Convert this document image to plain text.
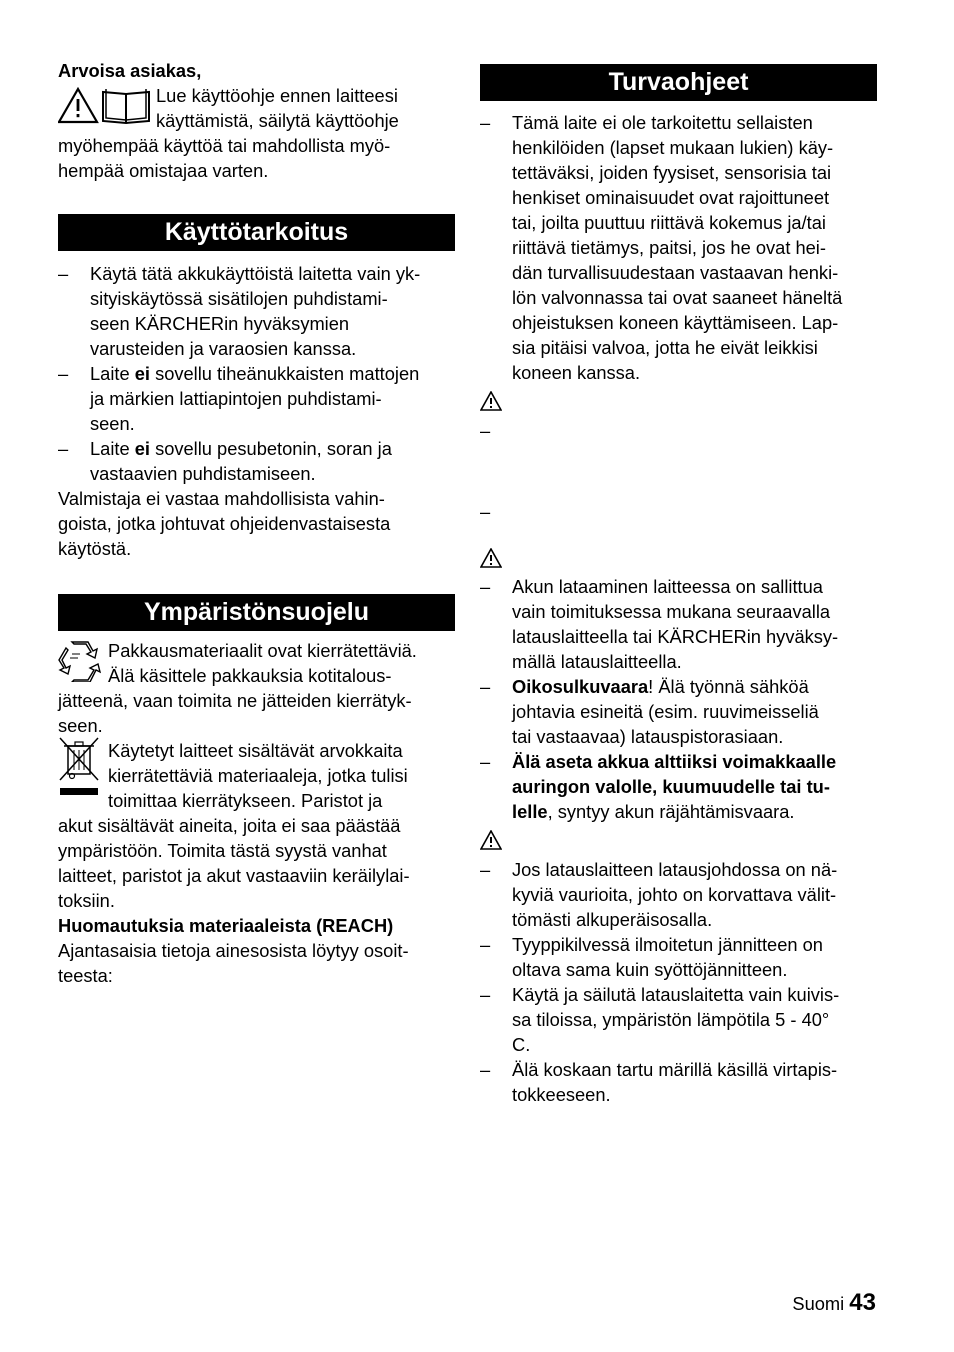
Arvoisa asiakas,

Lue käyttöohje ennen laitteesi

käyttämistä, säilytä käyttöohje

myöhempää käyttöä tai mahdollista myö-

hempää omistajaa varten.

Käyttötarkoitus
– Käytä tätä akkukäyttöistä laitetta vain yk-
sityiskäytössä sisätilojen puhdistami-
seen KÄRCHERin hyväksymien
varusteiden ja varaosien kanssa.
– Laite ei sovellu tiheänukkaisten mattojen
ja märkien lattiapintojen puhdistami-
seen.
– Laite ei sovellu pesubetonin, soran ja
vastaavien puhdistamiseen.

Valmistaja ei vastaa mahdollisista vahin-

goista, jotka johtuvat ohjeidenvastaisesta

käytöstä.

Ympäristönsuojelu

Pakkausmateriaalit ovat kierrätettäviä.

Älä käsittele pakkauksia kotitalous-

jätteenä, vaan toimita ne jätteiden kierrätyk-

seen.

Käytetyt laitteet sisältävät arvokkaita

kierrätettäviä materiaaleja, jotka tulisi

toimittaa kierrätykseen. Paristot ja

akut sisältävät aineita, joita ei saa päästää

ympäristöön. Toimita tästä syystä vanhat

laitteet, paristot ja akut vastaaviin keräilylai-

toksiin.

Huomautuksia materiaaleista (REACH)

Ajantasaisia tietoja ainesosista löytyy osoit-

teesta:

Turvaohjeet
– Tämä laite ei ole tarkoitettu sellaisten
henkilöiden (lapset mukaan lukien) käy-
tettäväksi, joiden fyysiset, sensorisia tai
henkiset ominaisuudet ovat rajoittuneet
tai, joilta puuttuu riittävä kokemus ja/tai
riittävä tietämys, paitsi, jos he ovat hei-
dän turvallisuudestaan vastaavan henki-
lön valvonnassa tai ovat saaneet häneltä
ohjeistuksen koneen käyttämiseen. Lap-
sia pitäisi valvoa, jotta he eivät leikkisi
koneen kanssa.
–
–
– Akun lataaminen laitteessa on sallittua
vain toimituksessa mukana seuraavalla
latauslaitteella tai KÄRCHERin hyväksy-
mällä latauslaitteella.
– Oikosulkuvaara! Älä työnnä sähköä
johtavia esineitä (esim. ruuvimeisseliä
tai vastaavaa) latauspistorasiaan.
– Älä aseta akkua alttiiksi voimakkaalle
auringon valolle, kuumuudelle tai tu-
lelle, syntyy akun räjähtämisvaara.
– Jos latauslaitteen latausjohdossa on nä-
kyviä vaurioita, johto on korvattava välit-
tömästi alkuperäisosalla.
– Tyyppikilvessä ilmoitetun jännitteen on
oltava sama kuin syöttöjännitteen.
– Käytä ja säilutä latauslaitetta vain kuivis-
sa tiloissa, ympäristön lämpötila 5 - 40°
C.
– Älä koskaan tartu märillä käsillä virtapis-
tokkeeseen.
Suomi 43
